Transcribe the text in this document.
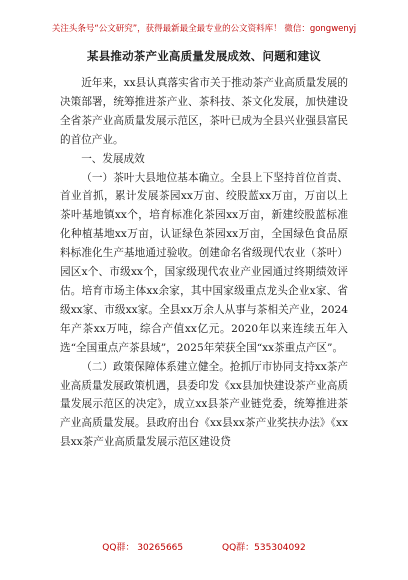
关注头条号“公文研究”，获得最新最全最专业的公文资料库！ 微信：gongwenyj
某县推动茶产业高质量发展成效、问题和建议

近年来，xx县认真落实省市关于推动茶产业高质量发展的决策部署，统筹推进茶产业、茶科技、茶文化发展，加快建设全省茶产业高质量发展示范区，茶叶已成为全县兴业强县富民的首位产业。

一、发展成效

（一）茶叶大县地位基本确立。全县上下坚持首位首责、首业首抓，累计发展茶园xx万亩、绞股蓝xx万亩，万亩以上茶叶基地镇xx个，培育标准化茶园xx万亩，新建绞股蓝标准化种植基地xx万亩，认证绿色茶园xx万亩，全国绿色食品原料标准化生产基地通过验收。创建命名省级现代农业（茶叶）园区x个、市级xx个，国家级现代农业产业园通过终期绩效评估。培育市场主体xx余家，其中国家级重点龙头企业x家、省级xx家、市级xx家。全县xx万余人从事与茶相关产业，2024年产茶xx万吨，综合产值xx亿元。2020年以来连续五年入选“全国重点产茶县域”，2025年荣获全国“xx茶重点产区”。

（二）政策保障体系建立健全。抢抓厅市协同支持xx茶产业高质量发展政策机遇，县委印发《xx县加快建设茶产业高质量发展示范区的决定》，成立xx县茶产业链党委，统筹推进茶产业高质量发展。县政府出台《xx县xx茶产业奖扶办法》《xx县xx茶产业高质量发展示范区建设贷

QQ群： 30265665	QQ群：535304092
